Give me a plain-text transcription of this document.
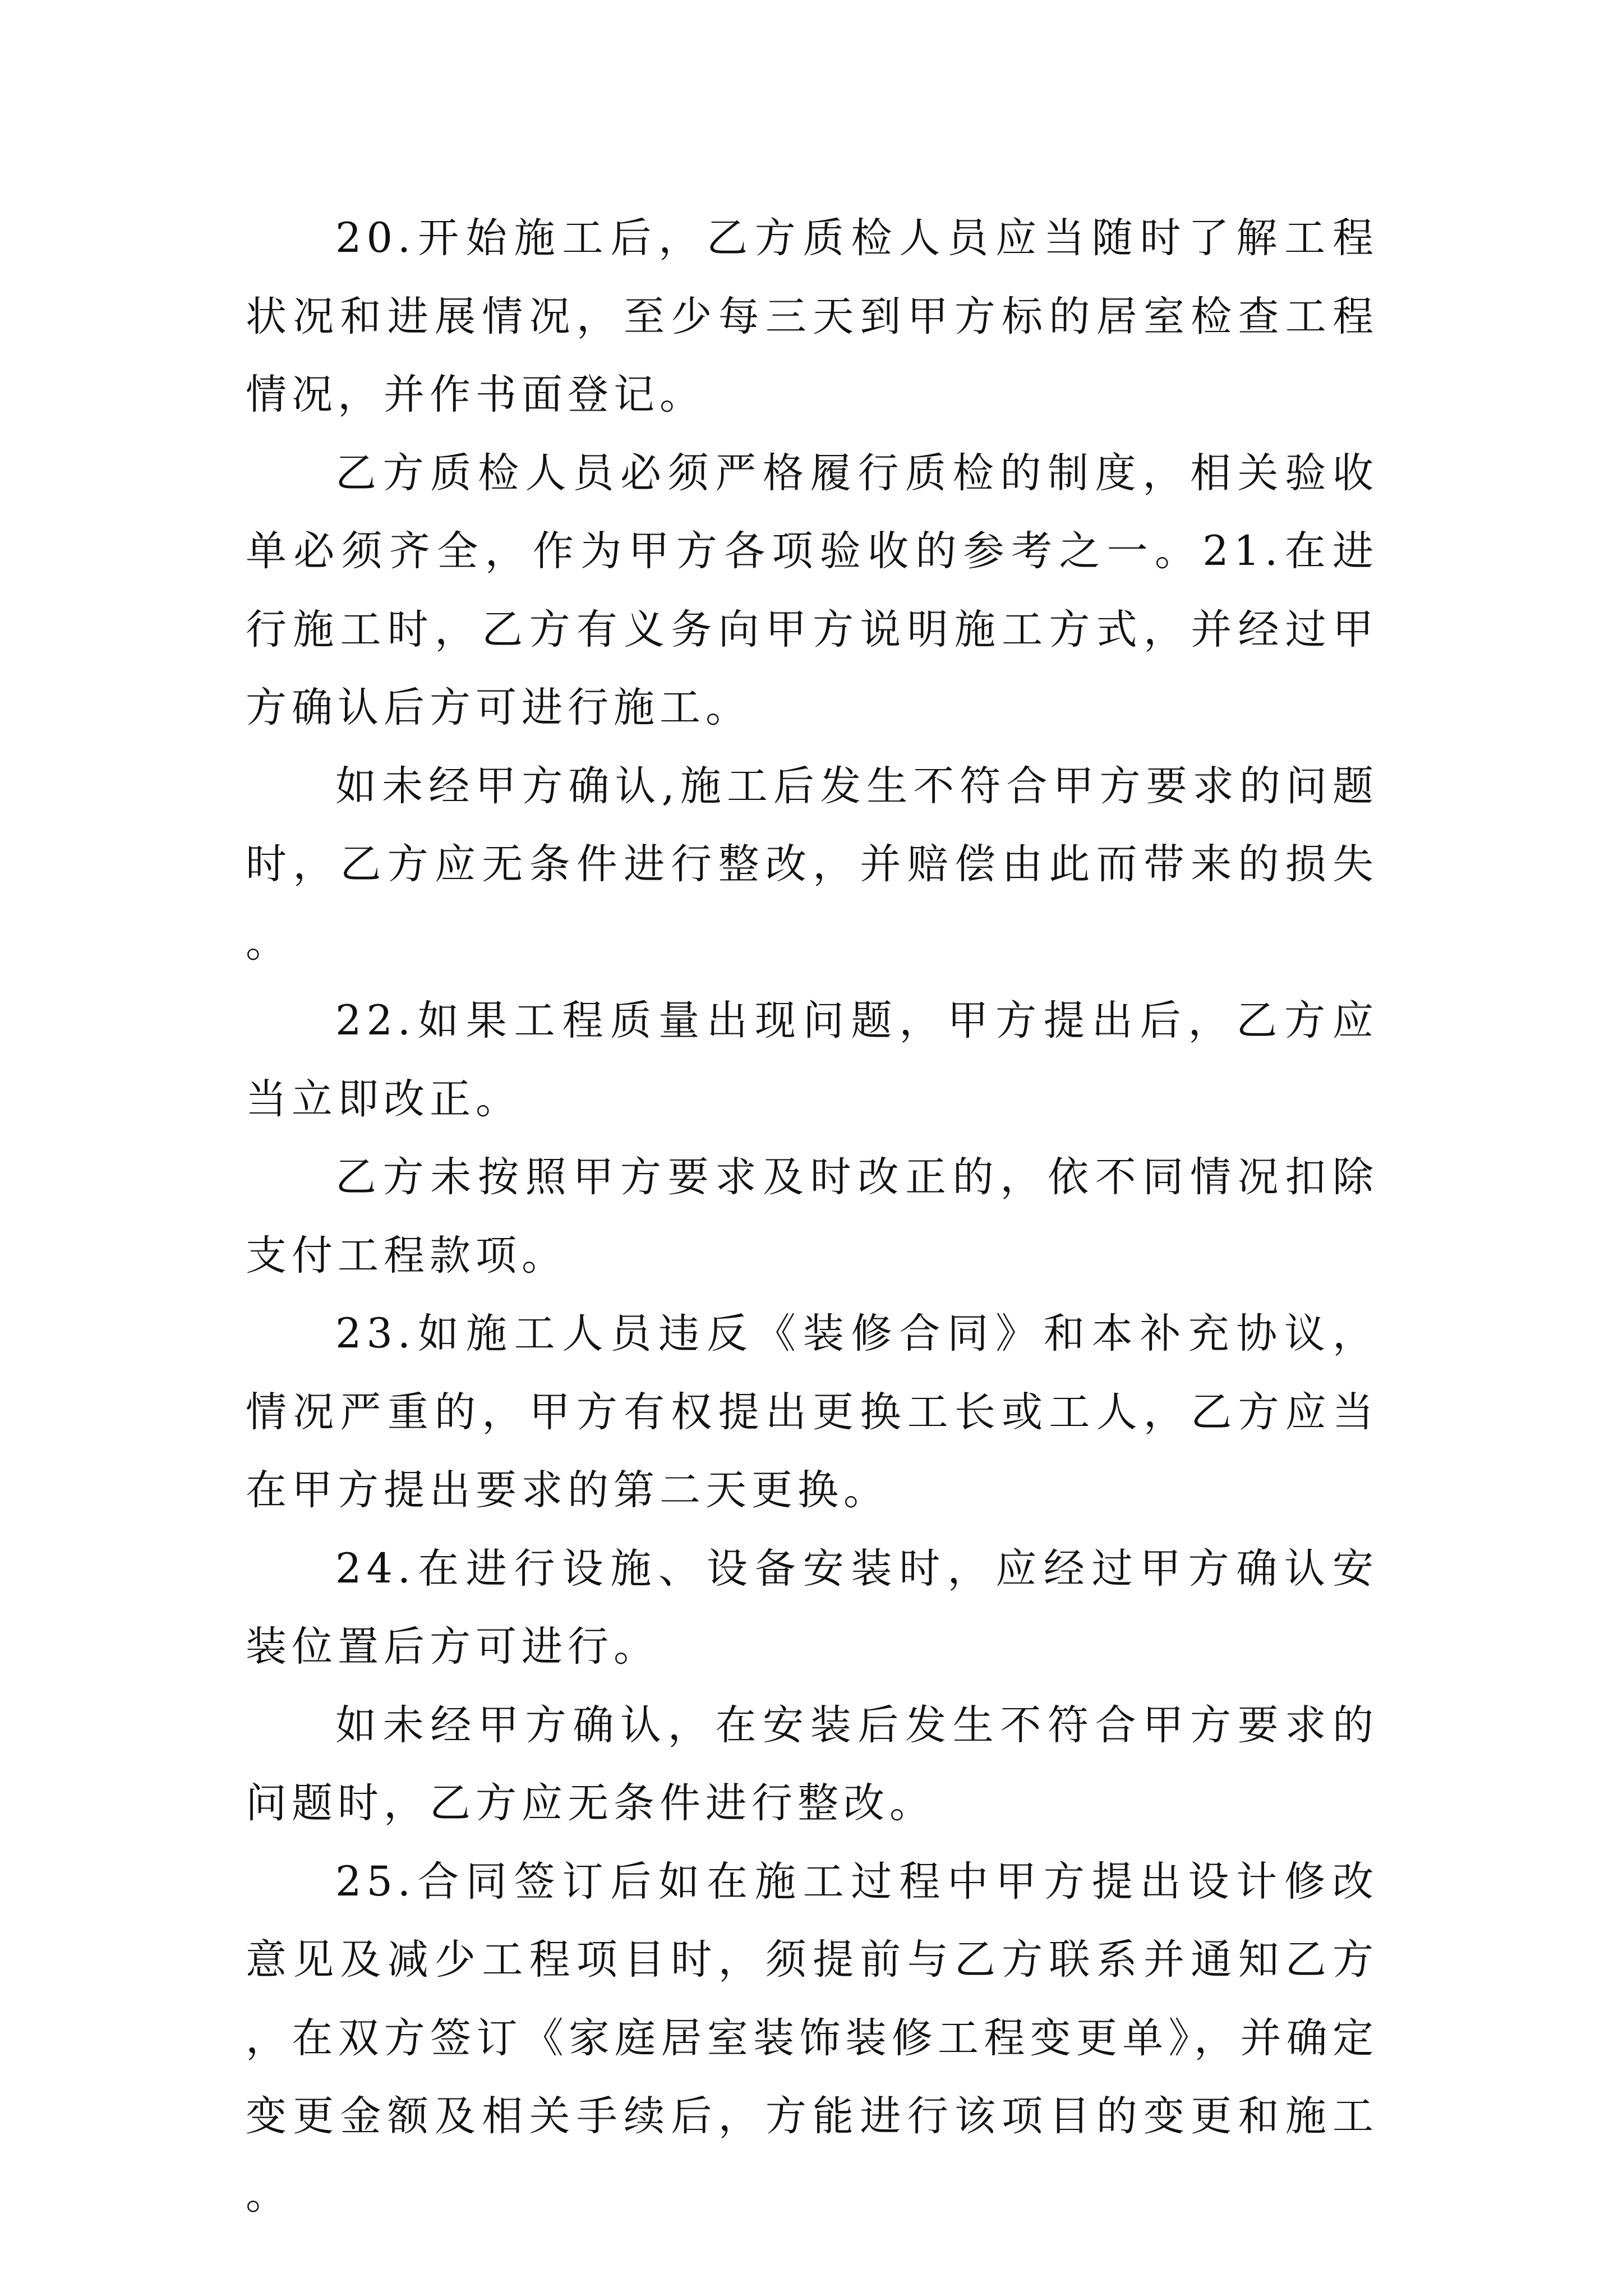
20.开始施工后，乙方质检人员应当随时了解工程状况和进展情况，至少每三天到甲方标的居室检查工程情况，并作书面登记。

乙方质检人员必须严格履行质检的制度，相关验收单必须齐全，作为甲方各项验收的参考之一。21.在进行施工时，乙方有义务向甲方说明施工方式，并经过甲方确认后方可进行施工。

如未经甲方确认,施工后发生不符合甲方要求的问题时，乙方应无条件进行整改，并赔偿由此而带来的损失。

22.如果工程质量出现问题，甲方提出后，乙方应当立即改正。

乙方未按照甲方要求及时改正的，依不同情况扣除支付工程款项。

23.如施工人员违反《装修合同》和本补充协议，情况严重的，甲方有权提出更换工长或工人，乙方应当在甲方提出要求的第二天更换。

24.在进行设施、设备安装时，应经过甲方确认安装位置后方可进行。

如未经甲方确认，在安装后发生不符合甲方要求的问题时，乙方应无条件进行整改。

25.合同签订后如在施工过程中甲方提出设计修改意见及减少工程项目时，须提前与乙方联系并通知乙方，在双方签订《家庭居室装饰装修工程变更单》，并确定变更金额及相关手续后，方能进行该项目的变更和施工。
